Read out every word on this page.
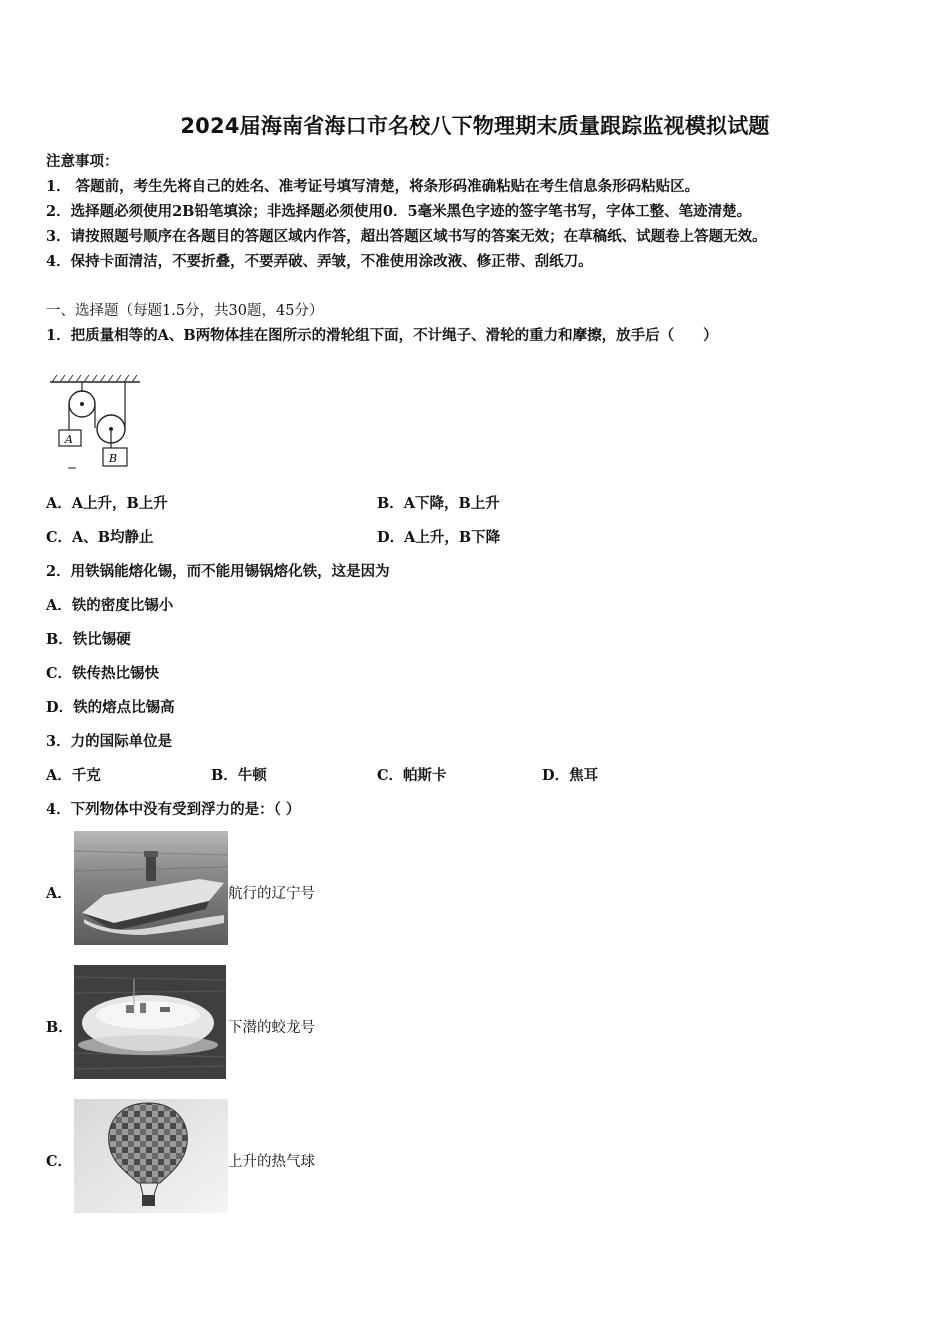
2024届海南省海口市名校八下物理期末质量跟踪监视模拟试题
注意事项：
1． 答题前，考生先将自己的姓名、准考证号填写清楚，将条形码准确粘贴在考生信息条形码粘贴区。
2．选择题必须使用2B铅笔填涂；非选择题必须使用0．5毫米黑色字迹的签字笔书写，字体工整、笔迹清楚。
3．请按照题号顺序在各题目的答题区域内作答，超出答题区域书写的答案无效；在草稿纸、试题卷上答题无效。
4．保持卡面清洁，不要折叠，不要弄破、弄皱，不准使用涂改液、修正带、刮纸刀。
一、选择题（每题1.5分，共30题，45分）
1．把质量相等的A、B两物体挂在图所示的滑轮组下面，不计绳子、滑轮的重力和摩擦，放手后（　　）
A
B
A．A上升，B上升	B．A下降，B上升
C．A、B均静止	D．A上升，B下降
2．用铁锅能熔化锡，而不能用锡锅熔化铁，这是因为
A．铁的密度比锡小
B．铁比锡硬
C．铁传热比锡快
D．铁的熔点比锡高
3．力的国际单位是
A．千克	B．牛顿	C．帕斯卡	D．焦耳
4．下列物体中没有受到浮力的是：（ ）
A．	航行的辽宁号
B．	下潜的蛟龙号
C．	上升的热气球
